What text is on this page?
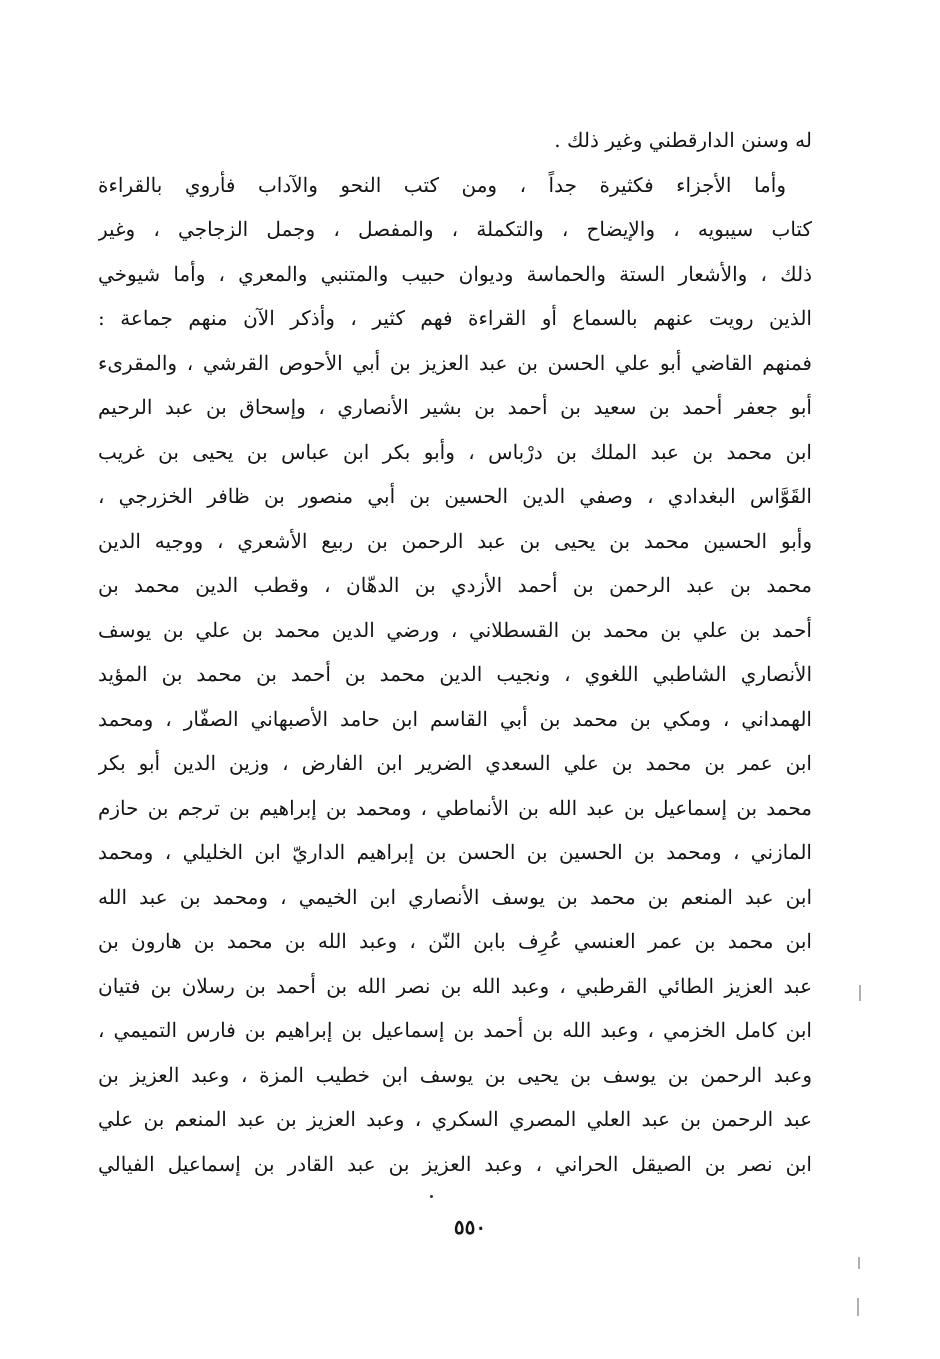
له وسنن الدارقطني وغير ذلك .
وأما الأجزاء فكثيرة جداً ، ومن كتب النحو والآداب فأروي بالقراءة
كتاب سيبويه ، والإيضاح ، والتكملة ، والمفصل ، وجمل الزجاجي ، وغير
ذلك ، والأشعار الستة والحماسة وديوان حبيب والمتنبي والمعري ، وأما شيوخي
الذين رويت عنهم بالسماع أو القراءة فهم كثير ، وأذكر الآن منهم جماعة :
فمنهم القاضي أبو علي الحسن بن عبد العزيز بن أبي الأحوص القرشي ، والمقرىء
أبو جعفر أحمد بن سعيد بن أحمد بن بشير الأنصاري ، وإسحاق بن عبد الرحيم
ابن محمد بن عبد الملك بن درْباس ، وأبو بكر ابن عباس بن يحيى بن غريب
القَوَّاس البغدادي ، وصفي الدين الحسين بن أبي منصور بن ظافر الخزرجي ،
وأبو الحسين محمد بن يحيى بن عبد الرحمن بن ربيع الأشعري ، ووجيه الدين
محمد بن عبد الرحمن بن أحمد الأزدي بن الدهّان ، وقطب الدين محمد بن
أحمد بن علي بن محمد بن القسطلاني ، ورضي الدين محمد بن علي بن يوسف
الأنصاري الشاطبي اللغوي ، ونجيب الدين محمد بن أحمد بن محمد بن المؤيد
الهمداني ، ومكي بن محمد بن أبي القاسم ابن حامد الأصبهاني الصفّار ، ومحمد
ابن عمر بن محمد بن علي السعدي الضرير ابن الفارض ، وزين الدين أبو بكر
محمد بن إسماعيل بن عبد الله بن الأنماطي ، ومحمد بن إبراهيم بن ترجم بن حازم
المازني ، ومحمد بن الحسين بن الحسن بن إبراهيم الداريّ ابن الخليلي ، ومحمد
ابن عبد المنعم بن محمد بن يوسف الأنصاري ابن الخيمي ، ومحمد بن عبد الله
ابن محمد بن عمر العنسي عُرِف بابن النّن ، وعبد الله بن محمد بن هارون بن
عبد العزيز الطائي القرطبي ، وعبد الله بن نصر الله بن أحمد بن رسلان بن فتيان
ابن كامل الخزمي ، وعبد الله بن أحمد بن إسماعيل بن إبراهيم بن فارس التميمي ،
وعبد الرحمن بن يوسف بن يحيى بن يوسف ابن خطيب المزة ، وعبد العزيز بن
عبد الرحمن بن عبد العلي المصري السكري ، وعبد العزيز بن عبد المنعم بن علي
ابن نصر بن الصيقل الحراني ، وعبد العزيز بن عبد القادر بن إسماعيل الفيالي
٥٥٠
